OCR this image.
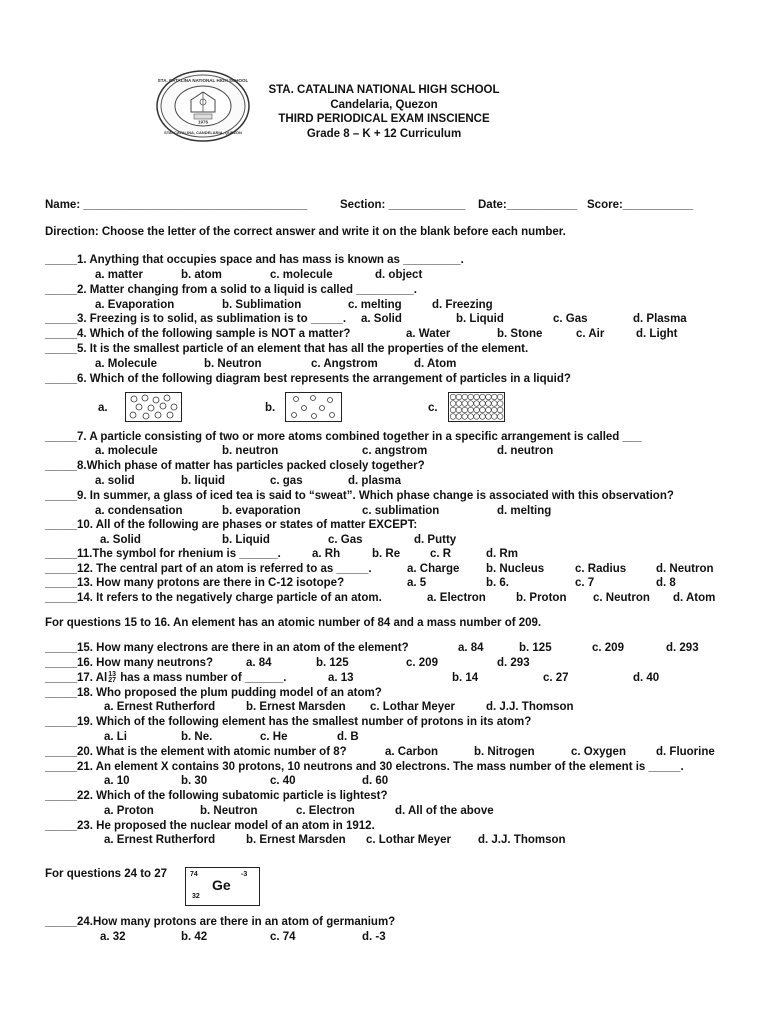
STA. CATALINA NATIONAL HIGH SCHOOL
STA. CATALINA, CANDELARIA, QUEZON
1976
STA. CATALINA NATIONAL HIGH SCHOOL
Candelaria, Quezon
THIRD PERIODICAL EXAM INSCIENCE
Grade 8 – K + 12 Curriculum
Name: ___________________________________	Section: ____________ Date:___________ Score:___________
Direction: Choose the letter of the correct answer and write it on the blank before each number.
_____1. Anything that occupies space and has mass is known as _________.
a. matter	b. atom	c. molecule	d. object
_____2. Matter changing from a solid to a liquid is called _________.
a. Evaporation	b. Sublimation	c. melting	d. Freezing
_____3. Freezing is to solid, as sublimation is to _____. a. Solid	b. Liquid	c. Gas	d. Plasma
_____4. Which of the following sample is NOT a matter?	a. Water	b. Stone	c. Air	d. Light
_____5. It is the smallest particle of an element that has all the properties of the element.
a. Molecule	b. Neutron	c. Angstrom	d. Atom
_____6. Which of the following diagram best represents the arrangement of particles in a liquid?
a.	b.	c.
_____7. A particle consisting of two or more atoms combined together in a specific arrangement is called ___
a. molecule	b. neutron	c. angstrom	d. neutron
_____8.Which phase of matter has particles packed closely together?
a. solid	b. liquid	c. gas	d. plasma
_____9. In summer, a glass of iced tea is said to “sweat”. Which phase change is associated with this observation?
a. condensation	b. evaporation	c. sublimation	d. melting
_____10. All of the following are phases or states of matter EXCEPT:
a. Solid	b. Liquid	c. Gas	d. Putty
_____11.The symbol for rhenium is ______.	a. Rh	b. Re	c. R	d. Rm
_____12. The central part of an atom is referred to as _____.	a. Charge b. Nucleus	c. Radius	d. Neutron
_____13. How many protons are there in C-12 isotope?	a. 5	b. 6.	c. 7	d. 8
_____14. It refers to the negatively charge particle of an atom.	a. Electron	b. Proton c. Neutron d. Atom
For questions 15 to 16. An element has an atomic number of 84 and a mass number of 209.
_____15. How many electrons are there in an atom of the element?	a. 84	b. 125	c. 209	d. 293
_____16. How many neutrons?	a. 84	b. 125	c. 209	d. 293
a. 13	b. 14	c. 27	d. 40
_____18. Who proposed the plum pudding model of an atom?
a. Ernest Rutherford	b. Ernest Marsden c. Lothar Meyer	d. J.J. Thomson
_____19. Which of the following element has the smallest number of protons in its atom?
a. Li	b. Ne.	c. He	d. B
_____20. What is the element with atomic number of 8?	a. Carbon	b. Nitrogen	c. Oxygen	d. Fluorine
_____21. An element X contains 30 protons, 10 neutrons and 30 electrons. The mass number of the element is _____.
a. 10	b. 30	c. 40	d. 60
_____22. Which of the following subatomic particle is lightest?
a. Proton	b. Neutron	c. Electron	d. All of the above
_____23. He proposed the nuclear model of an atom in 1912.
a. Ernest Rutherford	b. Ernest Marsden c. Lothar Meyer d. J.J. Thomson
For questions 24 to 27
_____24.How many protons are there in an atom of germanium?
a. 32	b. 42	c. 74	d. -3
_____17. Al13
27 has a mass number of ______.
74	-3
Ge
32
